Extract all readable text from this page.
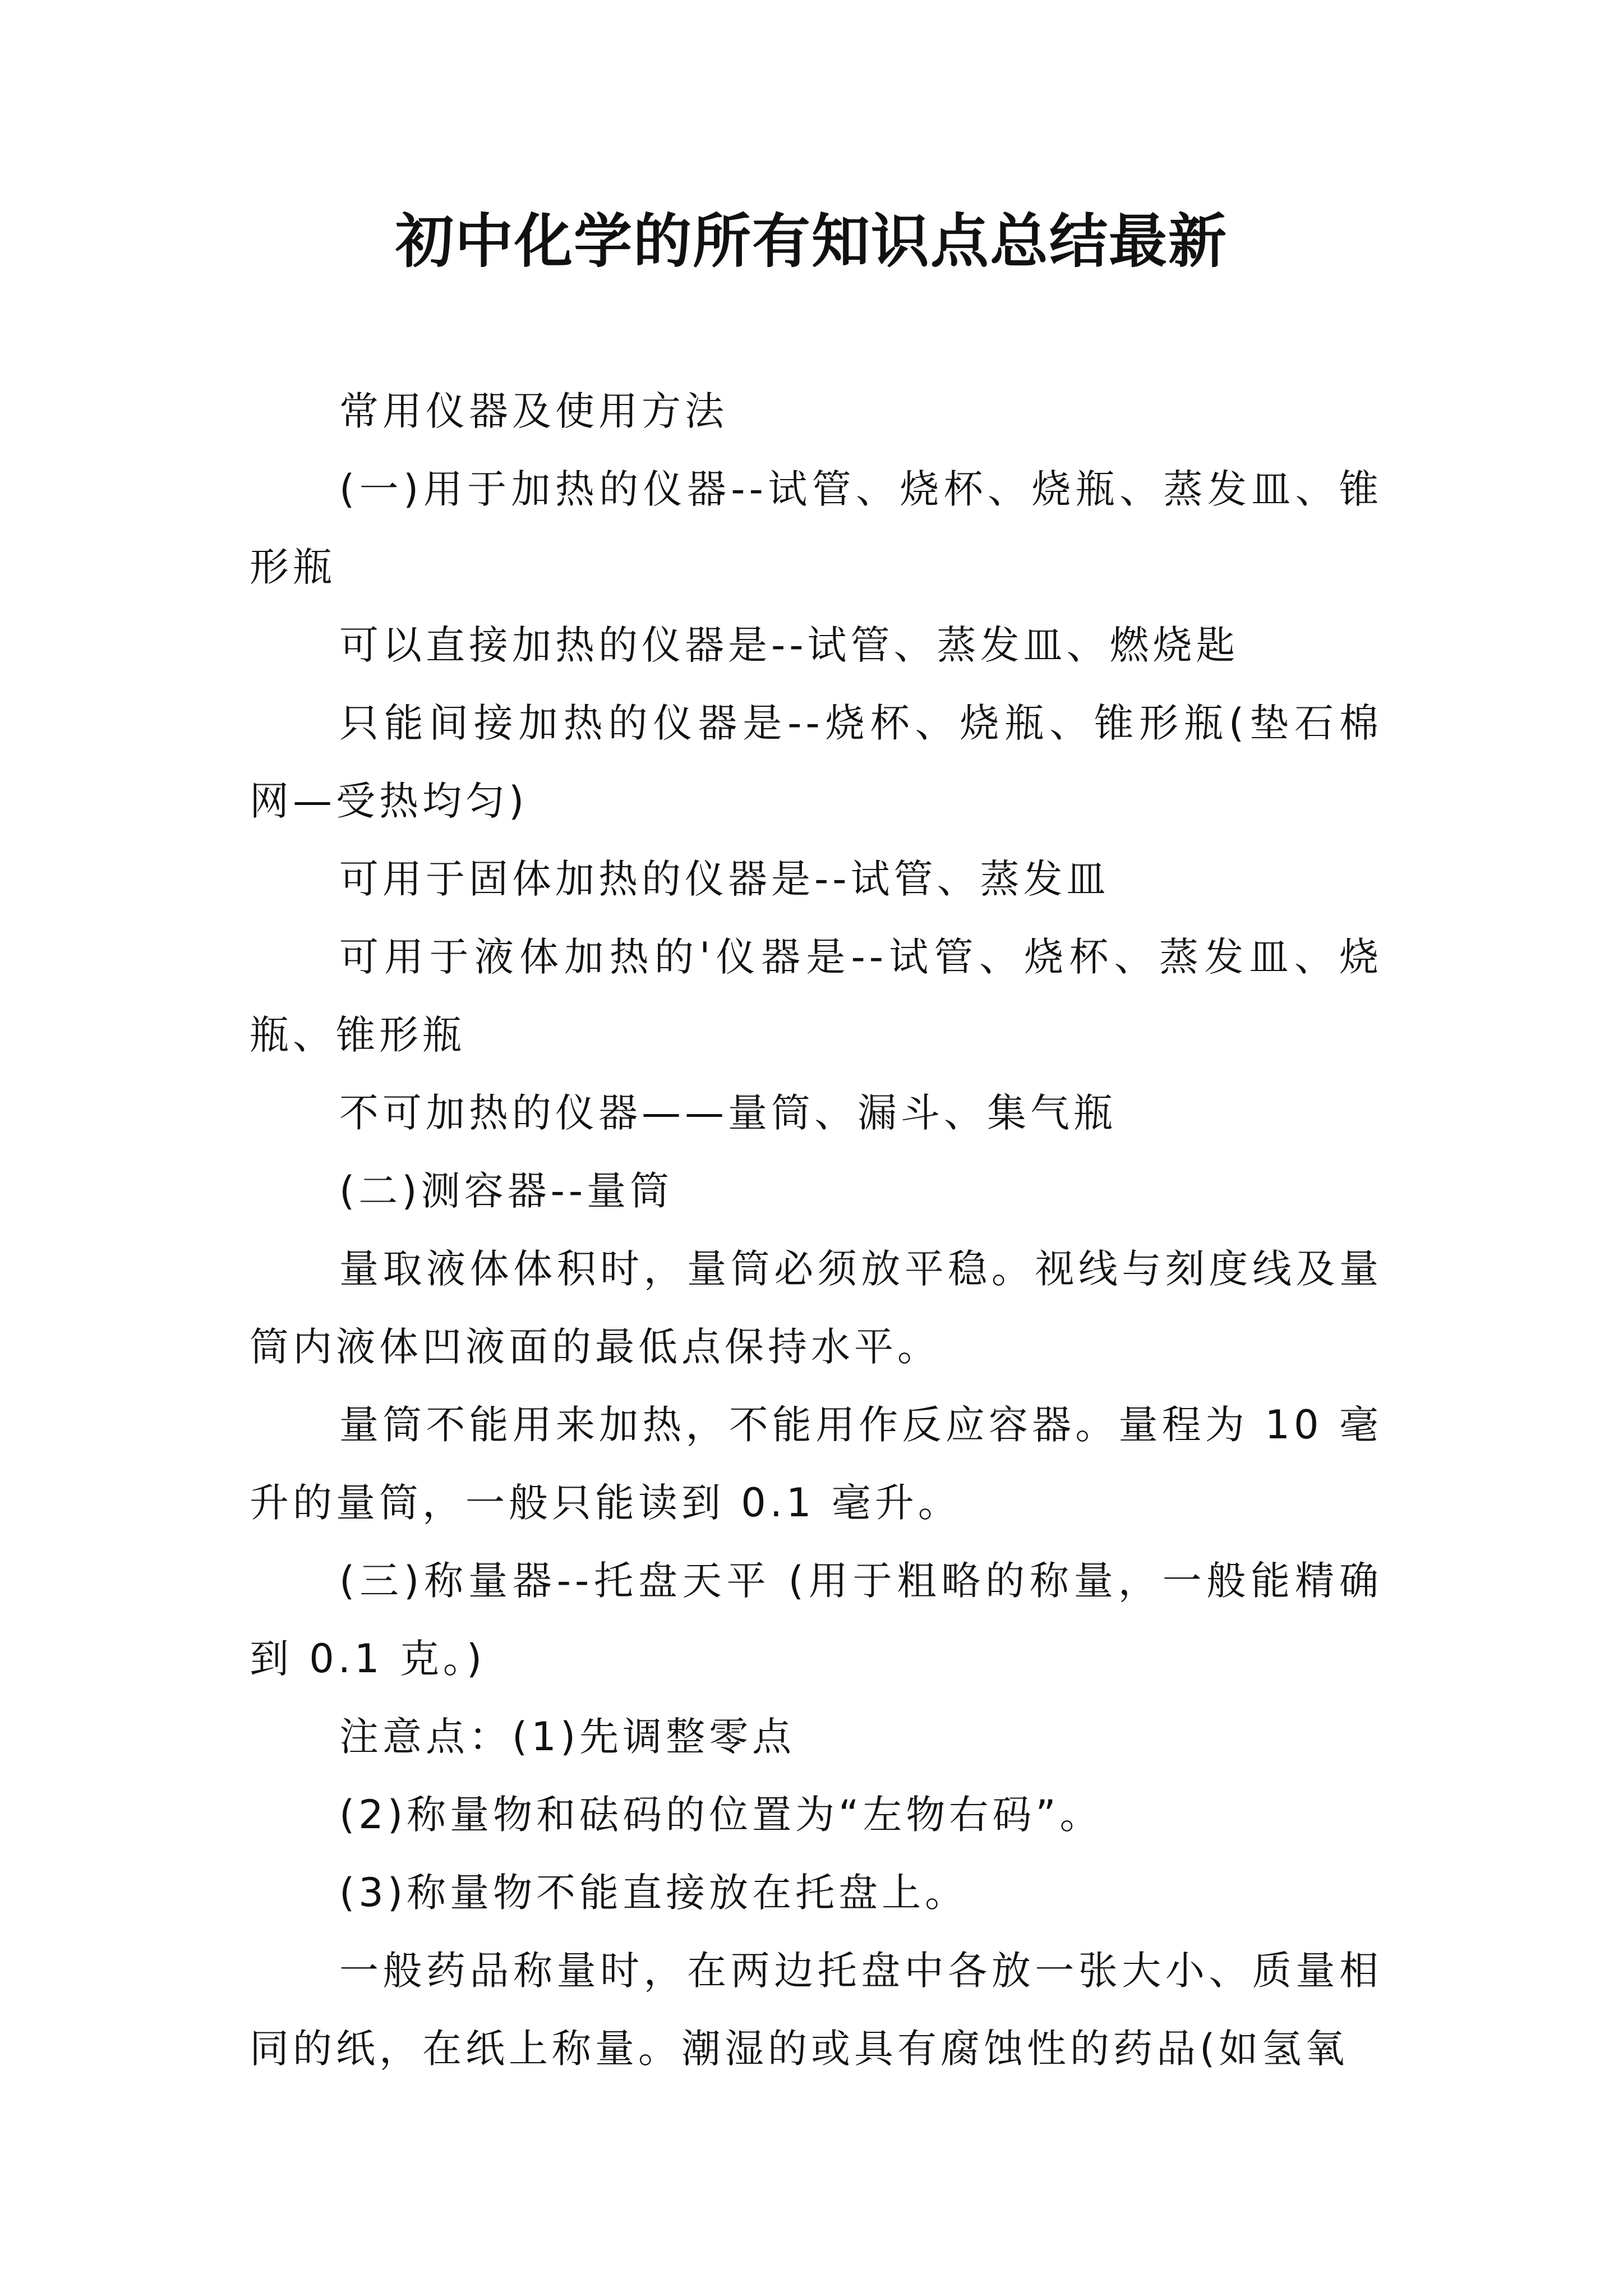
初中化学的所有知识点总结最新

常用仪器及使用方法

(一)用于加热的仪器--试管、烧杯、烧瓶、蒸发皿、锥形瓶

可以直接加热的仪器是--试管、蒸发皿、燃烧匙

只能间接加热的仪器是--烧杯、烧瓶、锥形瓶(垫石棉网—受热均匀)

可用于固体加热的仪器是--试管、蒸发皿

可用于液体加热的'仪器是--试管、烧杯、蒸发皿、烧瓶、锥形瓶

不可加热的仪器——量筒、漏斗、集气瓶

(二)测容器--量筒

量取液体体积时，量筒必须放平稳。视线与刻度线及量筒内液体凹液面的最低点保持水平。

量筒不能用来加热，不能用作反应容器。量程为 10 毫升的量筒，一般只能读到 0.1 毫升。

(三)称量器--托盘天平 (用于粗略的称量，一般能精确到 0.1 克。)

注意点：(1)先调整零点

(2)称量物和砝码的位置为“左物右码”。

(3)称量物不能直接放在托盘上。

一般药品称量时，在两边托盘中各放一张大小、质量相同的纸，在纸上称量。潮湿的或具有腐蚀性的药品(如氢氧
